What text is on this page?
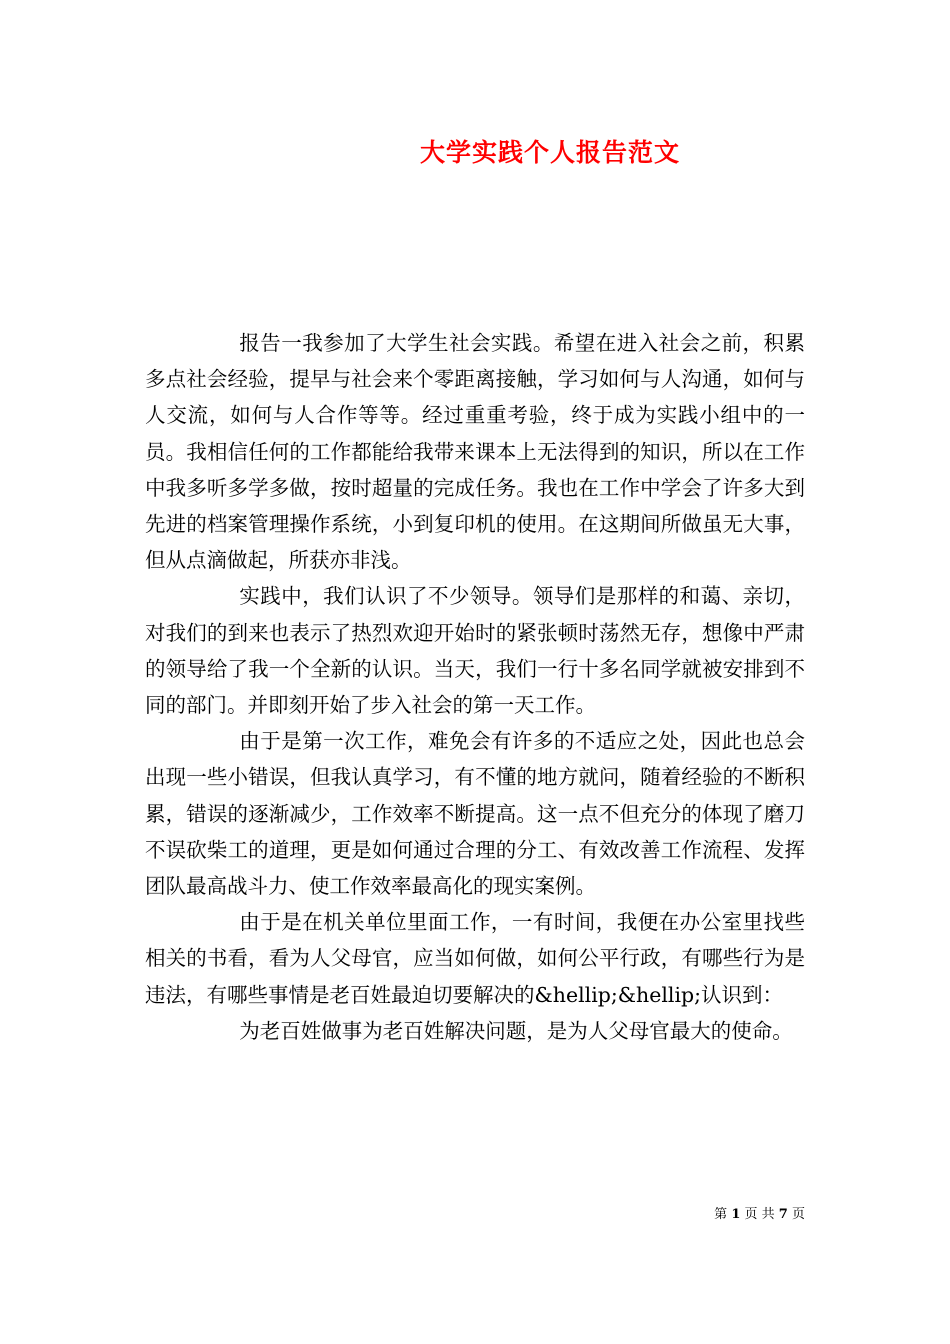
大学实践个人报告范文

报告一我参加了大学生社会实践。希望在进入社会之前，积累多点社会经验，提早与社会来个零距离接触，学习如何与人沟通，如何与人交流，如何与人合作等等。经过重重考验，终于成为实践小组中的一员。我相信任何的工作都能给我带来课本上无法得到的知识，所以在工作中我多听多学多做，按时超量的完成任务。我也在工作中学会了许多大到先进的档案管理操作系统，小到复印机的使用。在这期间所做虽无大事，但从点滴做起，所获亦非浅。

实践中，我们认识了不少领导。领导们是那样的和蔼、亲切，对我们的到来也表示了热烈欢迎开始时的紧张顿时荡然无存，想像中严肃的领导给了我一个全新的认识。当天，我们一行十多名同学就被安排到不同的部门。并即刻开始了步入社会的第一天工作。

由于是第一次工作，难免会有许多的不适应之处，因此也总会出现一些小错误，但我认真学习，有不懂的地方就问，随着经验的不断积累，错误的逐渐减少，工作效率不断提高。这一点不但充分的体现了磨刀不误砍柴工的道理，更是如何通过合理的分工、有效改善工作流程、发挥团队最高战斗力、使工作效率最高化的现实案例。

由于是在机关单位里面工作，一有时间，我便在办公室里找些相关的书看，看为人父母官，应当如何做，如何公平行政，有哪些行为是违法，有哪些事情是老百姓最迫切要解决的&hellip;&hellip;认识到：

为老百姓做事为老百姓解决问题，是为人父母官最大的使命。

第 1 页 共 7 页
